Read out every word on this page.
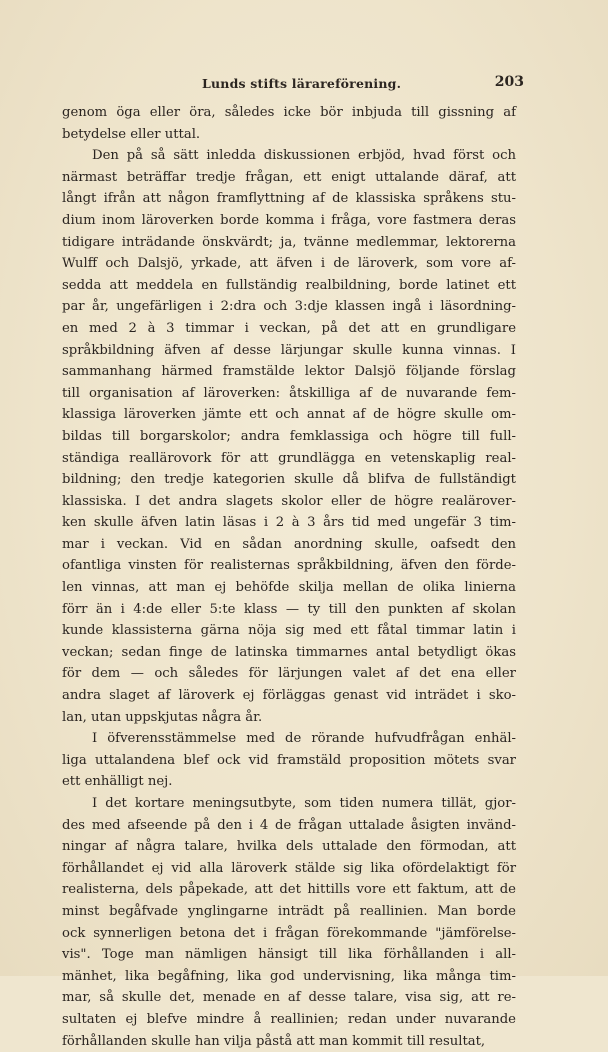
Lunds stifts lärareförening.	203
genom öga eller öra, således icke bör inbjuda till gissning af
betydelse eller uttal.
Den på så sätt inledda diskussionen erbjöd, hvad först och
närmast beträffar tredje frågan, ett enigt uttalande däraf, att
långt ifrån att någon framflyttning af de klassiska språkens stu-
dium inom läroverken borde komma i fråga, vore fastmera deras
tidigare inträdande önskvärdt; ja, tvänne medlemmar, lektorerna
Wulff och Dalsjö, yrkade, att äfven i de läroverk, som vore af-
sedda att meddela en fullständig realbildning, borde latinet ett
par år, ungefärligen i 2:dra och 3:dje klassen ingå i läsordning-
en med 2 à 3 timmar i veckan, på det att en grundligare
språkbildning äfven af desse lärjungar skulle kunna vinnas. I
sammanhang härmed framstälde lektor Dalsjö följande förslag
till organisation af läroverken: åtskilliga af de nuvarande fem-
klassiga läroverken jämte ett och annat af de högre skulle om-
bildas till borgarskolor; andra femklassiga och högre till full-
ständiga reallärovork för att grundlägga en vetenskaplig real-
bildning; den tredje kategorien skulle då blifva de fullständigt
klassiska. I det andra slagets skolor eller de högre realärover-
ken skulle äfven latin läsas i 2 à 3 års tid med ungefär 3 tim-
mar i veckan. Vid en sådan anordning skulle, oafsedt den
ofantliga vinsten för realisternas språkbildning, äfven den förde-
len vinnas, att man ej behöfde skilja mellan de olika linierna
förr än i 4:de eller 5:te klass — ty till den punkten af skolan
kunde klassisterna gärna nöja sig med ett fåtal timmar latin i
veckan; sedan finge de latinska timmarnes antal betydligt ökas
för dem — och således för lärjungen valet af det ena eller
andra slaget af läroverk ej förläggas genast vid inträdet i sko-
lan, utan uppskjutas några år.
I öfverensstämmelse med de rörande hufvudfrågan enhäl-
liga uttalandena blef ock vid framstäld proposition mötets svar
ett enhälligt nej.
I det kortare meningsutbyte, som tiden numera tillät, gjor-
des med afseende på den i 4 de frågan uttalade åsigten invänd-
ningar af några talare, hvilka dels uttalade den förmodan, att
förhållandet ej vid alla läroverk stälde sig lika ofördelaktigt för
realisterna, dels påpekade, att det hittills vore ett faktum, att de
minst begåfvade ynglingarne inträdt på reallinien. Man borde
ock synnerligen betona det i frågan förekommande "jämförelse-
vis". Toge man nämligen hänsigt till lika förhållanden i all-
mänhet, lika begåfning, lika god undervisning, lika många tim-
mar, så skulle det, menade en af desse talare, visa sig, att re-
sultaten ej blefve mindre å reallinien; redan under nuvarande
förhållanden skulle han vilja påstå att man kommit till resultat,
